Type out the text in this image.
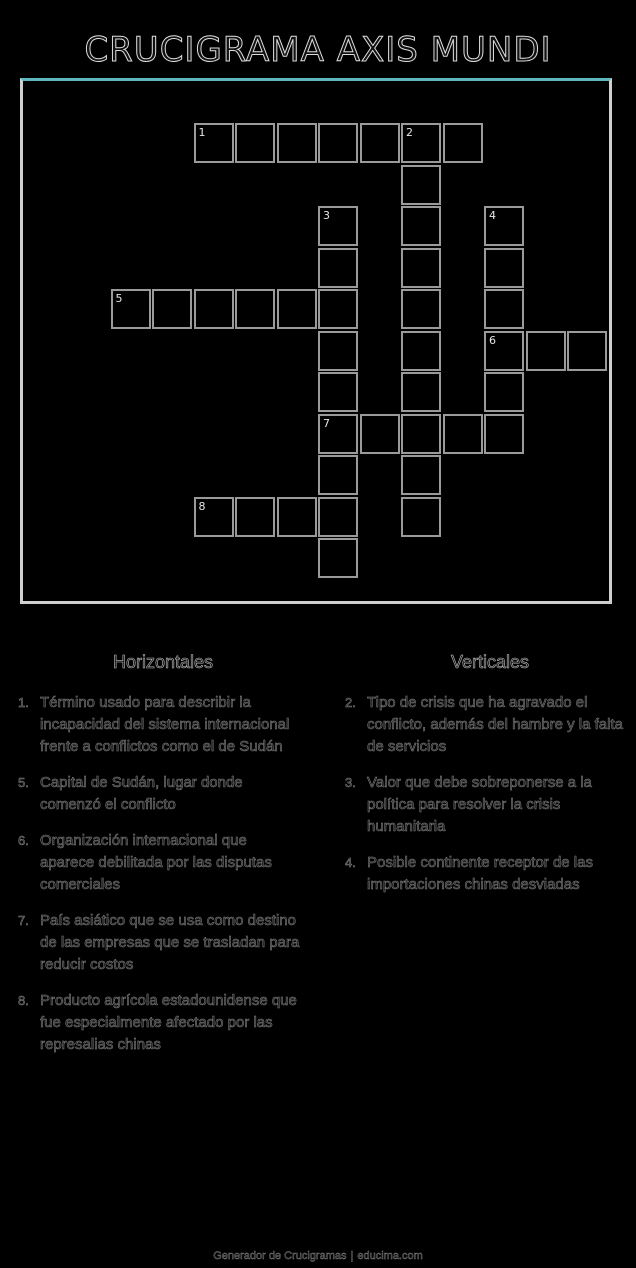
CRUCIGRAMA AXIS MUNDI
1	2
3	4
5
6
7
8
Horizontales
1. Término usado para describir la incapacidad del sistema internacional frente a conflictos como el de Sudán
5. Capital de Sudán, lugar donde comenzó el conflicto
6. Organización internacional que aparece debilitada por las disputas comerciales
7. País asiático que se usa como destino de las empresas que se trasladan para reducir costos
8. Producto agrícola estadounidense que fue especialmente afectado por las represalias chinas
Verticales
2. Tipo de crisis que ha agravado el conflicto, además del hambre y la falta de servicios
3. Valor que debe sobreponerse a la política para resolver la crisis humanitaria
4. Posible continente receptor de las importaciones chinas desviadas
Generador de Crucigramas | educima.com
